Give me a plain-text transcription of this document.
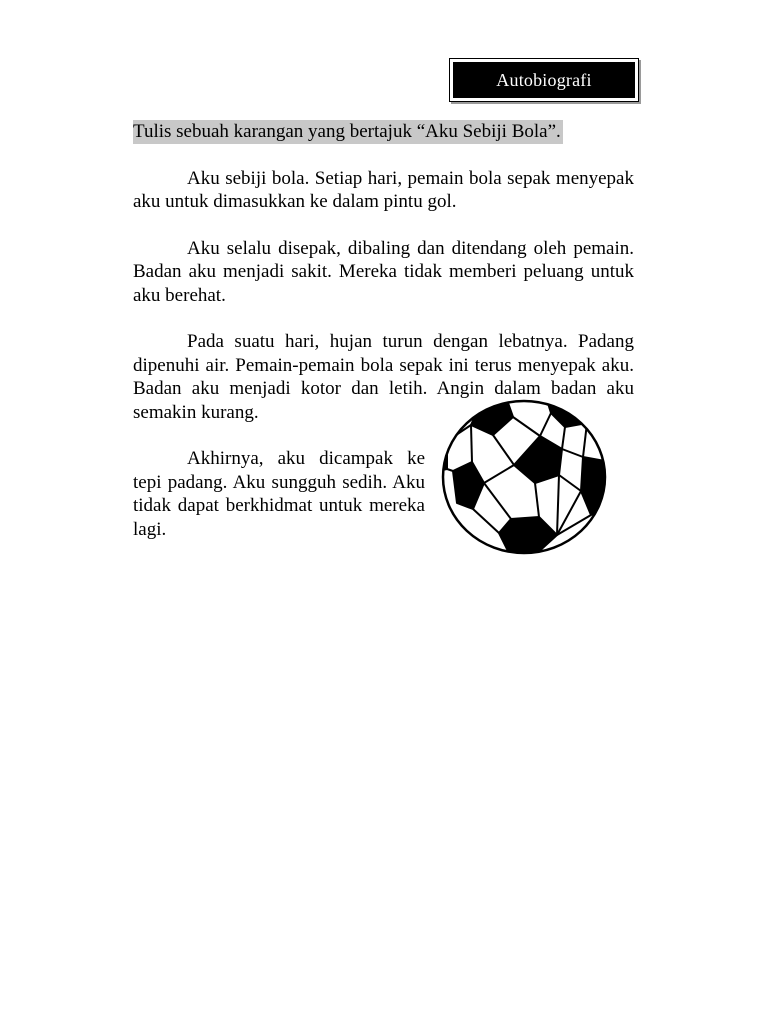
Autobiografi
Tulis sebuah karangan yang bertajuk “Aku Sebiji Bola”.

Aku sebiji bola. Setiap hari, pemain bola sepak menyepak aku untuk dimasukkan ke dalam pintu gol.

Aku selalu disepak, dibaling dan ditendang oleh pemain. Badan aku menjadi sakit. Mereka tidak memberi peluang untuk aku berehat.

Pada suatu hari, hujan turun dengan lebatnya. Padang dipenuhi air. Pemain-pemain bola sepak ini terus menyepak aku. Badan aku menjadi kotor dan letih. Angin dalam badan aku semakin kurang.

Akhirnya, aku dicampak ke tepi padang. Aku sungguh sedih. Aku tidak dapat berkhidmat untuk mereka lagi.
